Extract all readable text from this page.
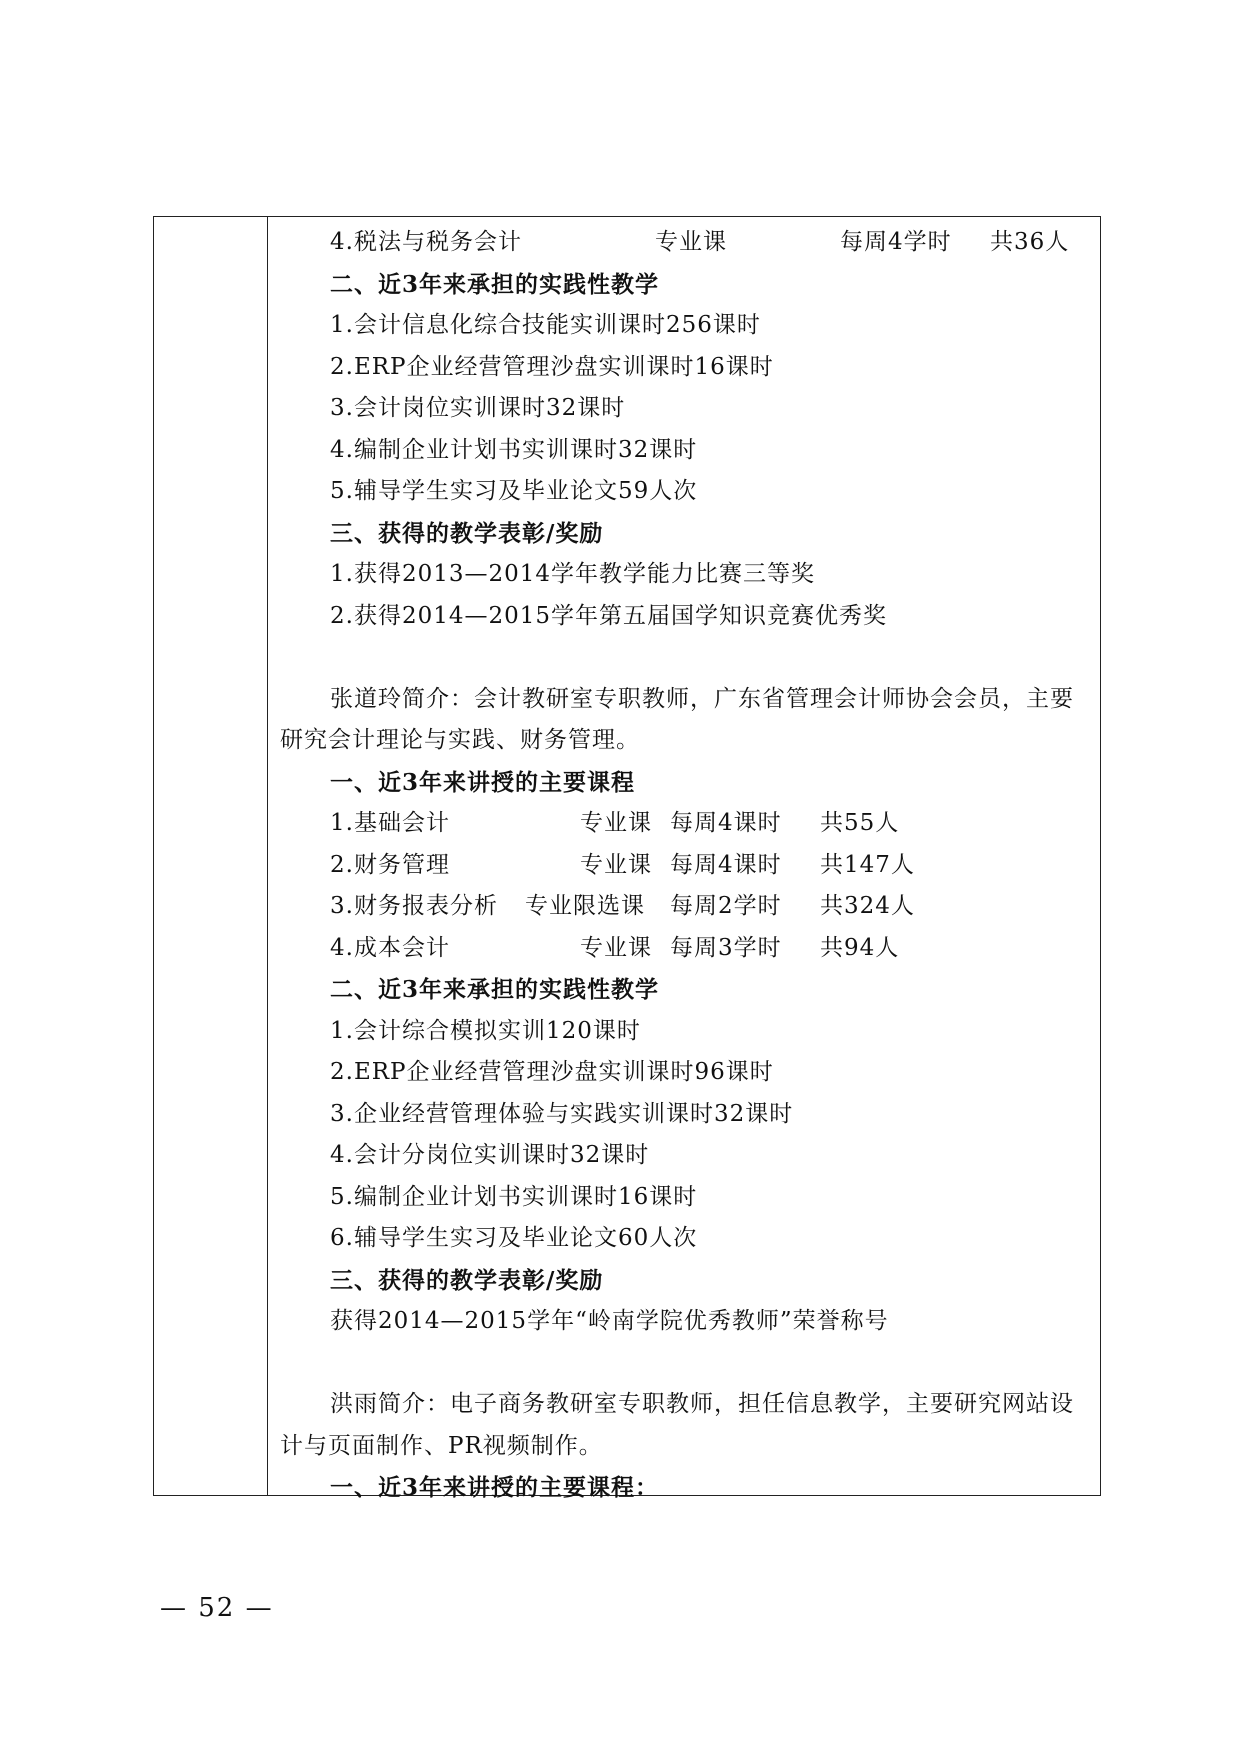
4.税法与税务会计	专业课	每周4学时 共36人
二、近3年来承担的实践性教学
1.会计信息化综合技能实训课时256课时
2.ERP企业经营管理沙盘实训课时16课时
3.会计岗位实训课时32课时
4.编制企业计划书实训课时32课时
5.辅导学生实习及毕业论文59人次
三、获得的教学表彰/奖励
1.获得2013—2014学年教学能力比赛三等奖
2.获得2014—2015学年第五届国学知识竞赛优秀奖
张道玲简介：会计教研室专职教师，广东省管理会计师协会会员，主要
研究会计理论与实践、财务管理。
一、近3年来讲授的主要课程
1.基础会计	专业课 每周4课时 共55人
2.财务管理	专业课 每周4课时 共147人
3.财务报表分析 专业限选课 每周2学时 共324人
4.成本会计	专业课 每周3学时 共94人
二、近3年来承担的实践性教学
1.会计综合模拟实训120课时
2.ERP企业经营管理沙盘实训课时96课时
3.企业经营管理体验与实践实训课时32课时
4.会计分岗位实训课时32课时
5.编制企业计划书实训课时16课时
6.辅导学生实习及毕业论文60人次
三、获得的教学表彰/奖励
获得2014—2015学年“岭南学院优秀教师”荣誉称号
洪雨简介：电子商务教研室专职教师，担任信息教学，主要研究网站设
计与页面制作、PR视频制作。
一、近3年来讲授的主要课程：
— 52 —
